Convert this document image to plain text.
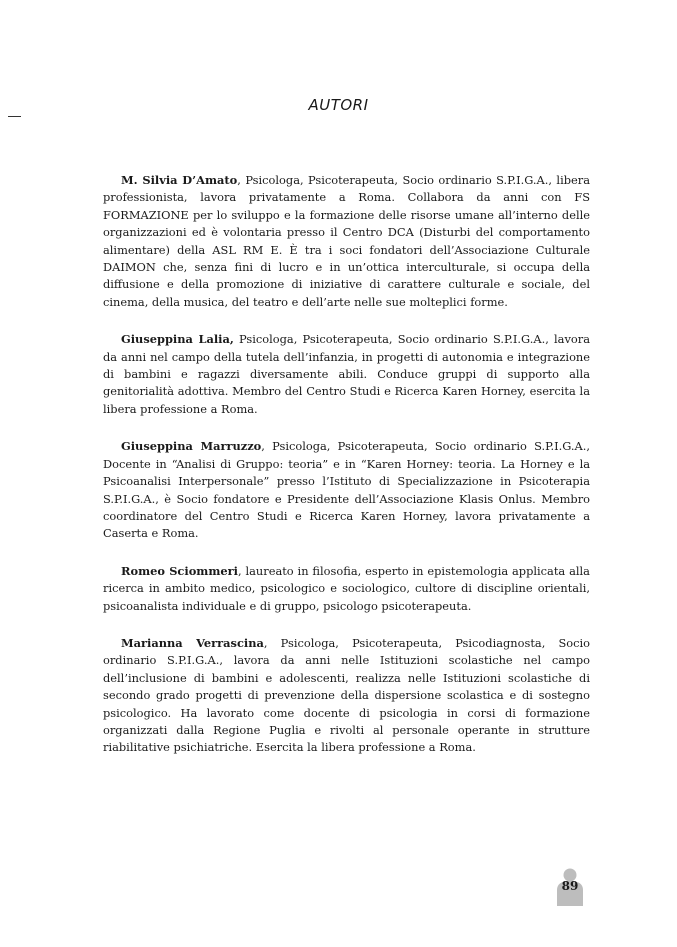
AUTORI

M. Silvia D’Amato, Psicologa, Psicoterapeuta, Socio ordinario S.P.I.G.A., libera professionista, lavora privatamente a Roma. Collabora da anni con FS FORMAZIONE per lo sviluppo e la formazione delle risorse umane all’interno delle organizzazioni ed è volontaria presso il Centro DCA (Disturbi del comportamento alimentare) della ASL RM E. È tra i soci fondatori dell’Associazione Culturale DAIMON che, senza fini di lucro e in un’ottica interculturale, si occupa della diffusione e della promozione di iniziative di carattere culturale e sociale, del cinema, della musica, del teatro e dell’arte nelle sue molteplici forme.

Giuseppina Lalia, Psicologa, Psicoterapeuta, Socio ordinario S.P.I.G.A., lavora da anni nel campo della tutela dell’infanzia, in progetti di autonomia e integrazione di bambini e ragazzi diversamente abili. Conduce gruppi di supporto alla genitorialità adottiva. Membro del Centro Studi e Ricerca Karen Horney, esercita la libera professione a Roma.

Giuseppina Marruzzo, Psicologa, Psicoterapeuta, Socio ordinario S.P.I.G.A., Docente in “Analisi di Gruppo: teoria” e in “Karen Horney: teoria. La Horney e la Psicoanalisi Interpersonale” presso l’Istituto di Specializzazione in Psicoterapia S.P.I.G.A., è Socio fondatore e Presidente dell’Associazione Klasis Onlus. Membro coordinatore del Centro Studi e Ricerca Karen Horney, lavora privatamente a Caserta e Roma.

Romeo Sciommeri, laureato in filosofia, esperto in epistemologia applicata alla ricerca in ambito medico, psicologico e sociologico, cultore di discipline orientali, psicoanalista individuale e di gruppo, psicologo psicoterapeuta.

Marianna Verrascina, Psicologa, Psicoterapeuta, Psicodiagnosta, Socio ordinario S.P.I.G.A., lavora da anni nelle Istituzioni scolastiche nel campo dell’inclusione di bambini e adolescenti, realizza nelle Istituzioni scolastiche di secondo grado progetti di prevenzione della dispersione scolastica e di sostegno psicologico. Ha lavorato come docente di psicologia in corsi di formazione organizzati dalla Regione Puglia e rivolti al personale operante in strutture riabilitative psichiatriche. Esercita la libera professione a Roma.

89
